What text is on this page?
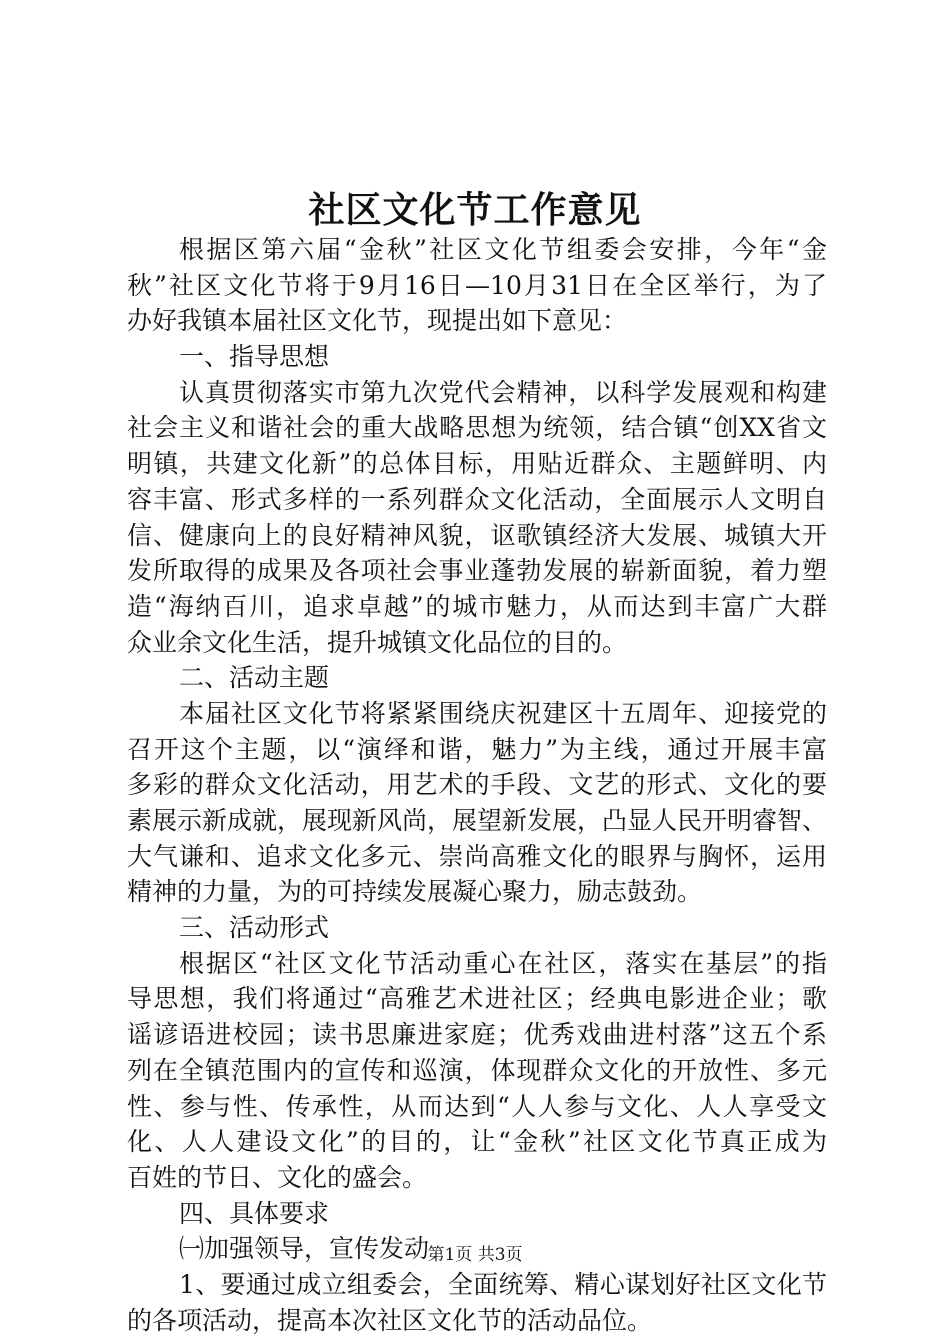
社区文化节工作意见
根据区第六届“金秋”社区文化节组委会安排，今年“金
秋”社区文化节将于9月16日—10月31日在全区举行，为了
办好我镇本届社区文化节，现提出如下意见：
一、指导思想
认真贯彻落实市第九次党代会精神，以科学发展观和构建
社会主义和谐社会的重大战略思想为统领，结合镇“创XX省文
明镇，共建文化新”的总体目标，用贴近群众、主题鲜明、内
容丰富、形式多样的一系列群众文化活动，全面展示人文明自
信、健康向上的良好精神风貌，讴歌镇经济大发展、城镇大开
发所取得的成果及各项社会事业蓬勃发展的崭新面貌，着力塑
造“海纳百川，追求卓越”的城市魅力，从而达到丰富广大群
众业余文化生活，提升城镇文化品位的目的。
二、活动主题
本届社区文化节将紧紧围绕庆祝建区十五周年、迎接党的
召开这个主题，以“演绎和谐，魅力”为主线，通过开展丰富
多彩的群众文化活动，用艺术的手段、文艺的形式、文化的要
素展示新成就，展现新风尚，展望新发展，凸显人民开明睿智、
大气谦和、追求文化多元、崇尚高雅文化的眼界与胸怀，运用
精神的力量，为的可持续发展凝心聚力，励志鼓劲。
三、活动形式
根据区“社区文化节活动重心在社区，落实在基层”的指
导思想，我们将通过“高雅艺术进社区；经典电影进企业；歌
谣谚语进校园；读书思廉进家庭；优秀戏曲进村落”这五个系
列在全镇范围内的宣传和巡演，体现群众文化的开放性、多元
性、参与性、传承性，从而达到“人人参与文化、人人享受文
化、人人建设文化”的目的，让“金秋”社区文化节真正成为
百姓的节日、文化的盛会。
四、具体要求
㈠加强领导，宣传发动
1、要通过成立组委会，全面统筹、精心谋划好社区文化节
的各项活动，提高本次社区文化节的活动品位。
第1页 共3页
